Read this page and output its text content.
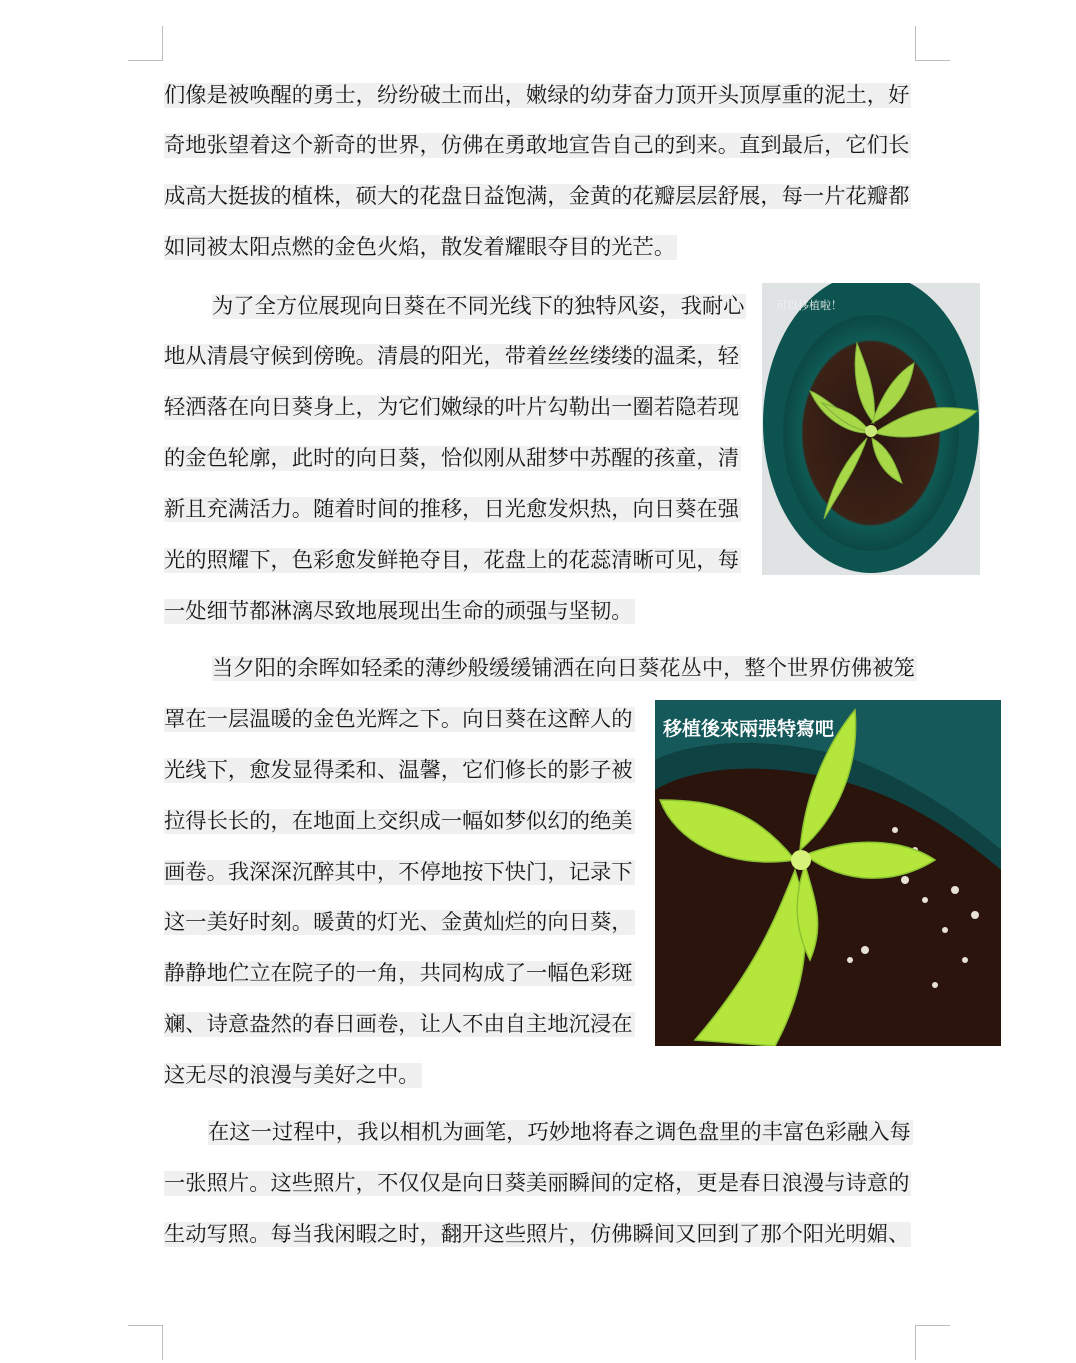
们像是被唤醒的勇士，纷纷破土而出，嫩绿的幼芽奋力顶开头顶厚重的泥土，好
奇地张望着这个新奇的世界，仿佛在勇敢地宣告自己的到来。直到最后，它们长
成高大挺拔的植株，硕大的花盘日益饱满，金黄的花瓣层层舒展，每一片花瓣都
如同被太阳点燃的金色火焰，散发着耀眼夺目的光芒。
为了全方位展现向日葵在不同光线下的独特风姿，我耐心
地从清晨守候到傍晚。清晨的阳光，带着丝丝缕缕的温柔，轻
轻洒落在向日葵身上，为它们嫩绿的叶片勾勒出一圈若隐若现
的金色轮廓，此时的向日葵，恰似刚从甜梦中苏醒的孩童，清
新且充满活力。随着时间的推移，日光愈发炽热，向日葵在强
光的照耀下，色彩愈发鲜艳夺目，花盘上的花蕊清晰可见，每
一处细节都淋漓尽致地展现出生命的顽强与坚韧。
可以移植啦！
当夕阳的余晖如轻柔的薄纱般缓缓铺洒在向日葵花丛中，整个世界仿佛被笼
罩在一层温暖的金色光辉之下。向日葵在这醉人的
光线下，愈发显得柔和、温馨，它们修长的影子被
拉得长长的，在地面上交织成一幅如梦似幻的绝美
画卷。我深深沉醉其中，不停地按下快门，记录下
这一美好时刻。暖黄的灯光、金黄灿烂的向日葵，
静静地伫立在院子的一角，共同构成了一幅色彩斑
斓、诗意盎然的春日画卷，让人不由自主地沉浸在
这无尽的浪漫与美好之中。
移植後來兩張特寫吧
在这一过程中，我以相机为画笔，巧妙地将春之调色盘里的丰富色彩融入每
一张照片。这些照片，不仅仅是向日葵美丽瞬间的定格，更是春日浪漫与诗意的
生动写照。每当我闲暇之时，翻开这些照片，仿佛瞬间又回到了那个阳光明媚、
